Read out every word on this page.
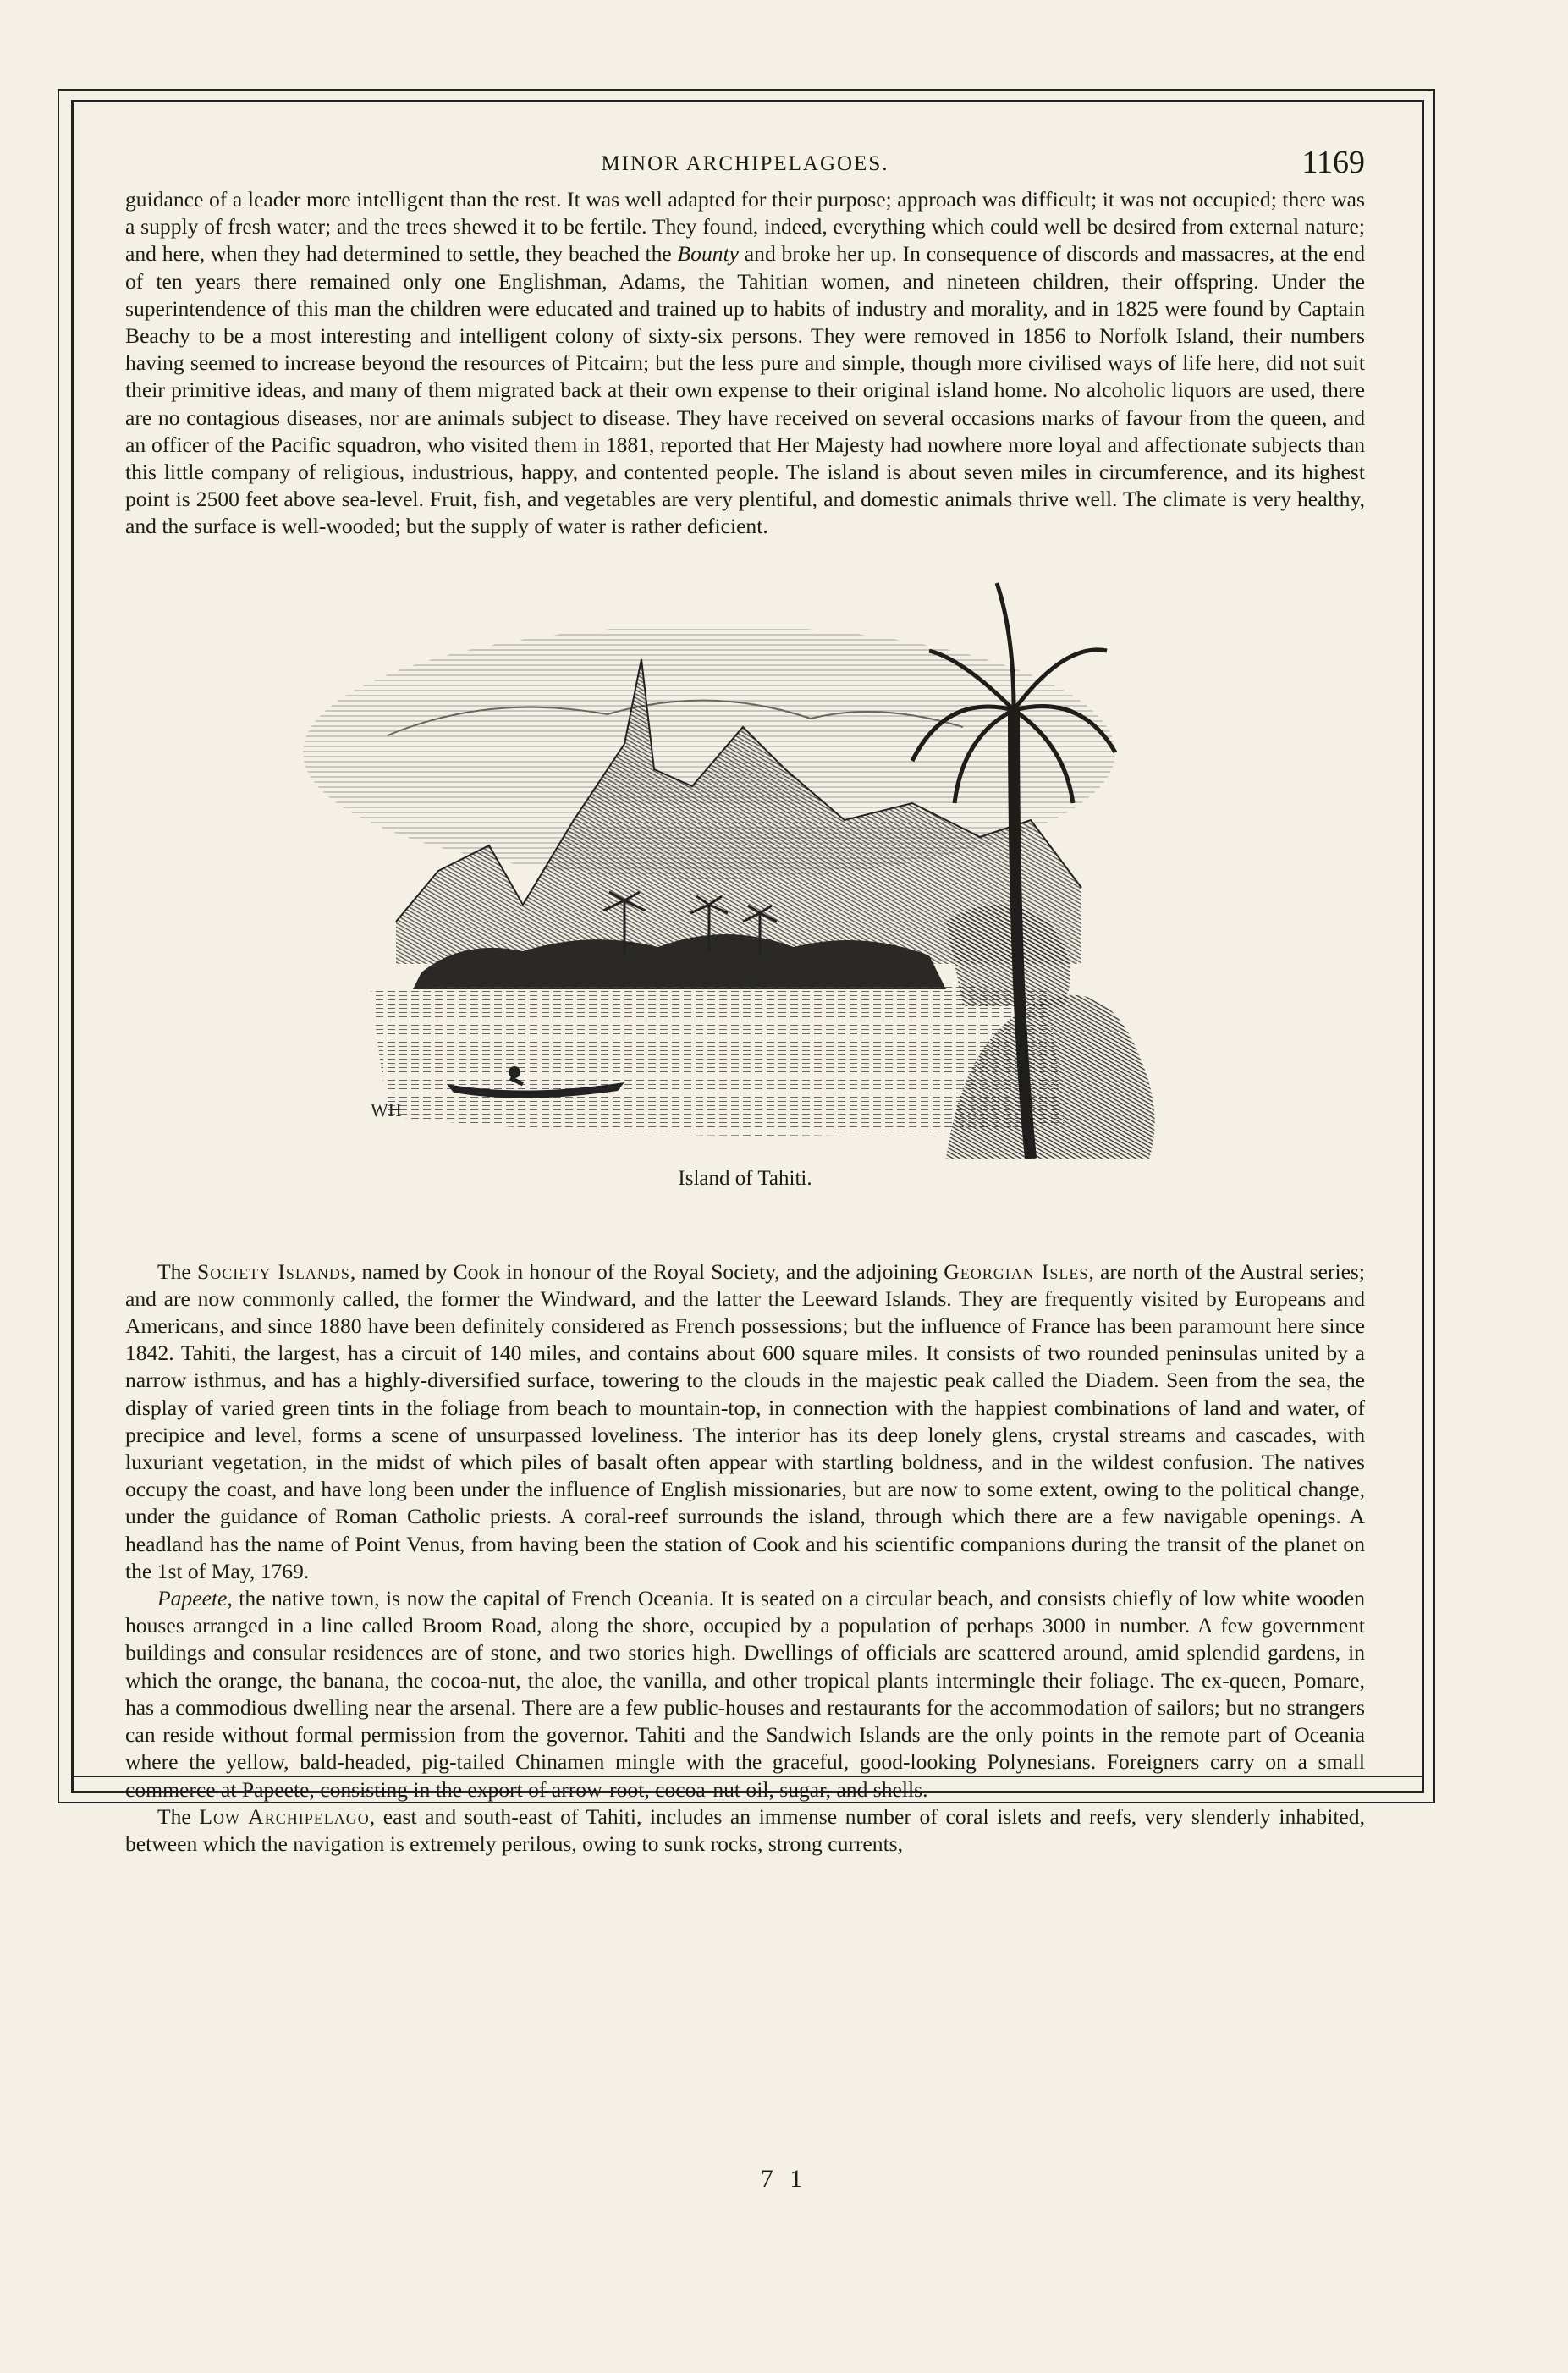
MINOR ARCHIPELAGOES.	1169

guidance of a leader more intelligent than the rest. It was well adapted for their purpose; approach was difficult; it was not occupied; there was a supply of fresh water; and the trees shewed it to be fertile. They found, indeed, everything which could well be desired from external nature; and here, when they had determined to settle, they beached the Bounty and broke her up. In consequence of discords and massacres, at the end of ten years there remained only one Englishman, Adams, the Tahitian women, and nineteen children, their offspring. Under the superintendence of this man the children were educated and trained up to habits of industry and morality, and in 1825 were found by Captain Beachy to be a most interesting and intelligent colony of sixty-six persons. They were removed in 1856 to Norfolk Island, their numbers having seemed to increase beyond the resources of Pitcairn; but the less pure and simple, though more civilised ways of life here, did not suit their primitive ideas, and many of them migrated back at their own expense to their original island home. No alcoholic liquors are used, there are no contagious diseases, nor are animals subject to disease. They have received on several occasions marks of favour from the queen, and an officer of the Pacific squadron, who visited them in 1881, reported that Her Majesty had nowhere more loyal and affectionate subjects than this little company of religious, industrious, happy, and contented people. The island is about seven miles in circumference, and its highest point is 2500 feet above sea-level. Fruit, fish, and vegetables are very plentiful, and domestic animals thrive well. The climate is very healthy, and the surface is well-wooded; but the supply of water is rather deficient.

WH
Island of Tahiti.

The Society Islands, named by Cook in honour of the Royal Society, and the adjoining Georgian Isles, are north of the Austral series; and are now commonly called, the former the Windward, and the latter the Leeward Islands. They are frequently visited by Europeans and Americans, and since 1880 have been definitely considered as French possessions; but the influence of France has been paramount here since 1842. Tahiti, the largest, has a circuit of 140 miles, and contains about 600 square miles. It consists of two rounded peninsulas united by a narrow isthmus, and has a highly-diversified surface, towering to the clouds in the majestic peak called the Diadem. Seen from the sea, the display of varied green tints in the foliage from beach to mountain-top, in connection with the happiest combinations of land and water, of precipice and level, forms a scene of unsurpassed loveliness. The interior has its deep lonely glens, crystal streams and cascades, with luxuriant vegetation, in the midst of which piles of basalt often appear with startling boldness, and in the wildest confusion. The natives occupy the coast, and have long been under the influence of English missionaries, but are now to some extent, owing to the political change, under the guidance of Roman Catholic priests. A coral-reef surrounds the island, through which there are a few navigable openings. A headland has the name of Point Venus, from having been the station of Cook and his scientific companions during the transit of the planet on the 1st of May, 1769.

Papeete, the native town, is now the capital of French Oceania. It is seated on a circular beach, and consists chiefly of low white wooden houses arranged in a line called Broom Road, along the shore, occupied by a population of perhaps 3000 in number. A few government buildings and consular residences are of stone, and two stories high. Dwellings of officials are scattered around, amid splendid gardens, in which the orange, the banana, the cocoa-nut, the aloe, the vanilla, and other tropical plants intermingle their foliage. The ex-queen, Pomare, has a commodious dwelling near the arsenal. There are a few public-houses and restaurants for the accommodation of sailors; but no strangers can reside without formal permission from the governor. Tahiti and the Sandwich Islands are the only points in the remote part of Oceania where the yellow, bald-headed, pig-tailed Chinamen mingle with the graceful, good-looking Polynesians. Foreigners carry on a small commerce at Papeete, consisting in the export of arrow-root, cocoa-nut oil, sugar, and shells.

The Low Archipelago, east and south-east of Tahiti, includes an immense number of coral islets and reefs, very slenderly inhabited, between which the navigation is extremely perilous, owing to sunk rocks, strong currents,

7 1
